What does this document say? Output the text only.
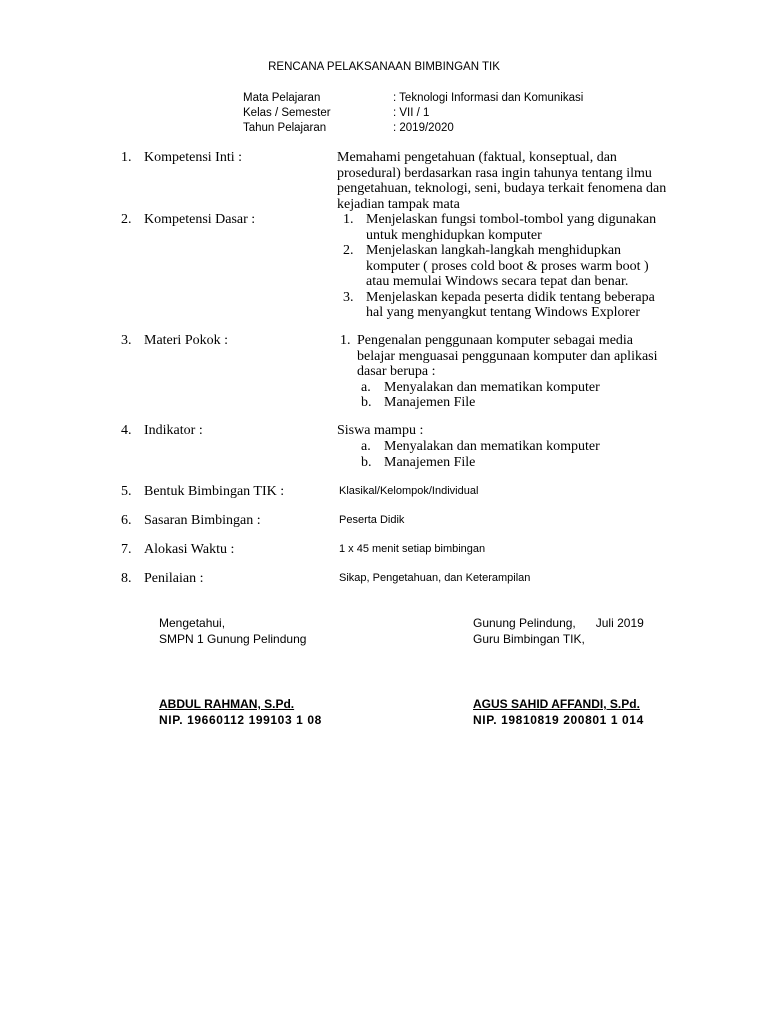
RENCANA PELAKSANAAN BIMBINGAN TIK
Mata Pelajaran	: Teknologi Informasi dan Komunikasi
Kelas / Semester	: VII / 1
Tahun Pelajaran	: 2019/2020
1. Kompetensi Inti :	Memahami pengetahuan (faktual, konseptual, dan
prosedural) berdasarkan rasa ingin tahunya tentang ilmu
pengetahuan, teknologi, seni, budaya terkait fenomena dan
kejadian tampak mata
2. Kompetensi Dasar :	1. Menjelaskan fungsi tombol-tombol yang digunakan
untuk menghidupkan komputer
2. Menjelaskan langkah-langkah menghidupkan
komputer ( proses cold boot & proses warm boot )
atau memulai Windows secara tepat dan benar.
3. Menjelaskan kepada peserta didik tentang beberapa
hal yang menyangkut tentang Windows Explorer
3. Materi Pokok :	1. Pengenalan penggunaan komputer sebagai media
belajar menguasai penggunaan komputer dan aplikasi
dasar berupa :
a. Menyalakan dan mematikan komputer
b. Manajemen File
4. Indikator :	Siswa mampu :
a. Menyalakan dan mematikan komputer
b. Manajemen File
5. Bentuk Bimbingan TIK :	Klasikal/Kelompok/Individual
6. Sasaran Bimbingan :	Peserta Didik
7. Alokasi Waktu :	1 x 45 menit setiap bimbingan
8. Penilaian :	Sikap, Pengetahuan, dan Keterampilan
Mengetahui,
SMPN 1 Gunung Pelindung
ABDUL RAHMAN, S.Pd.
NIP. 19660112 199103 1 08
Gunung Pelindung,      Juli 2019
Guru Bimbingan TIK,
AGUS SAHID AFFANDI, S.Pd.
NIP. 19810819 200801 1 014
